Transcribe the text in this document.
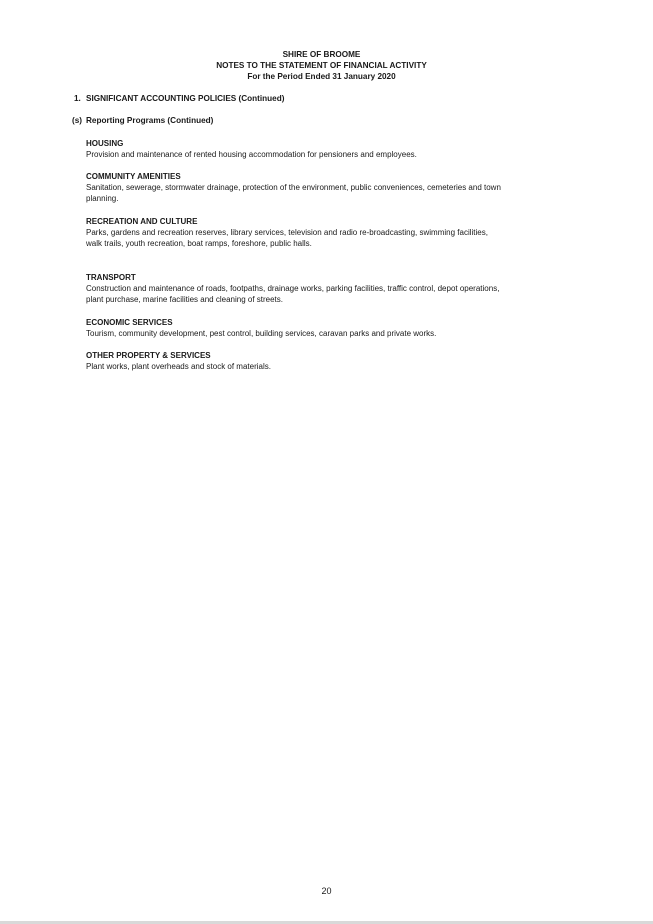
SHIRE OF BROOME
NOTES TO THE STATEMENT OF FINANCIAL ACTIVITY
For the Period Ended 31 January 2020
1. SIGNIFICANT ACCOUNTING POLICIES (Continued)
(s) Reporting Programs (Continued)
HOUSING

Provision and maintenance of rented housing accommodation for pensioners and employees.

COMMUNITY AMENITIES

Sanitation, sewerage, stormwater drainage, protection of the environment, public conveniences, cemeteries and town planning.

RECREATION AND CULTURE

Parks, gardens and recreation reserves, library services, television and radio re-broadcasting, swimming facilities, walk trails, youth recreation, boat ramps, foreshore, public halls.

TRANSPORT

Construction and maintenance of roads, footpaths, drainage works, parking facilities, traffic control, depot operations, plant purchase, marine facilities and cleaning of streets.

ECONOMIC SERVICES

Tourism, community development, pest control, building services, caravan parks and private works.

OTHER PROPERTY & SERVICES

Plant works, plant overheads and stock of materials.

20
